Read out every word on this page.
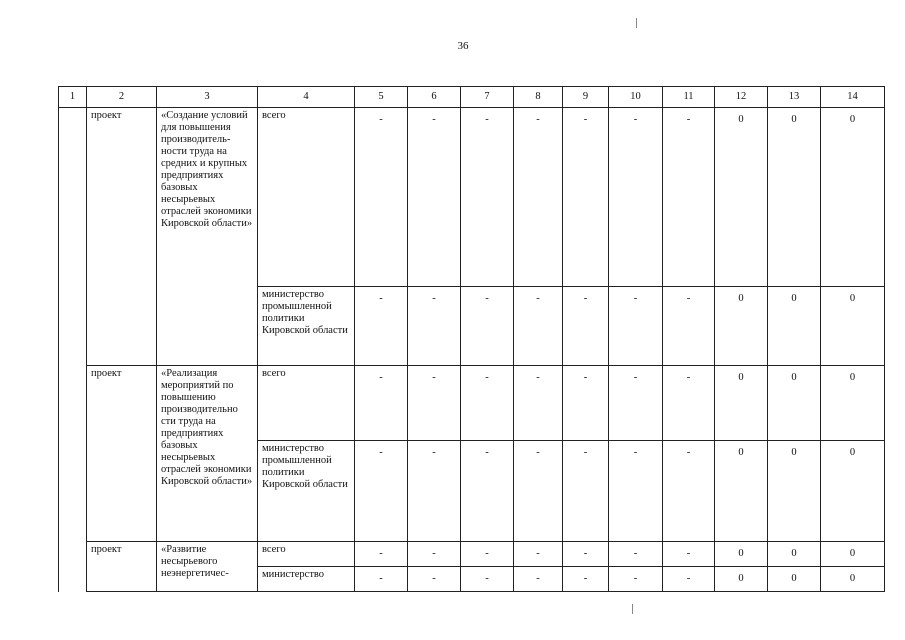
36
1	2	3	4	5	6	7	8	9	10	11	12	13	14
	проект	«Создание условий для повышения производитель-ности труда на средних и крупных предприятиях базовых несырьевых отраслей экономики Кировской области»	всего	-	-	-	-	-	-	-	0	0	0
			министерство промышленной политики Кировской области	-	-	-	-	-	-	-	0	0	0
	проект	«Реализация мероприятий по повышению производительно сти труда на предприятиях базовых несырьевых отраслей экономики Кировской области»	всего	-	-	-	-	-	-	-	0	0	0
			министерство промышленной политики Кировской области	-	-	-	-	-	-	-	0	0	0
	проект	«Развитие несырьевого неэнергетичес-	всего	-	-	-	-	-	-	-	0	0	0
			министерство	-	-	-	-	-	-	-	0	0	0
